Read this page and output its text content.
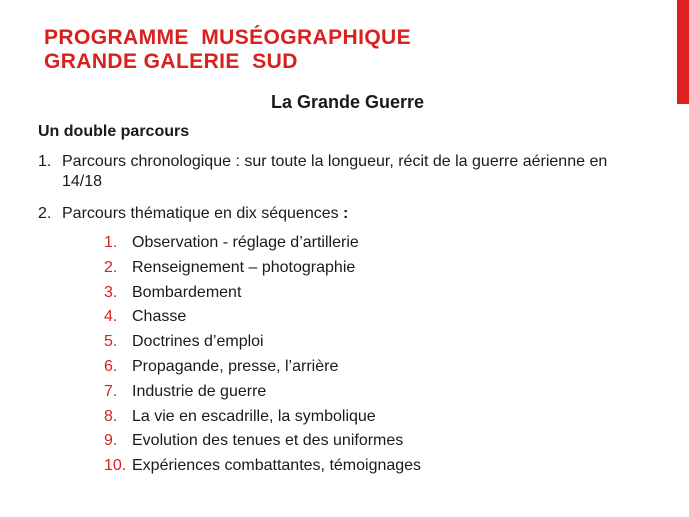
PROGRAMME  MUSÉOGRAPHIQUE
GRANDE GALERIE  SUD
La Grande Guerre
Un double parcours
1. Parcours chronologique : sur toute la longueur, récit de la guerre aérienne en 14/18
2. Parcours thématique en dix séquences :
1. Observation - réglage d’artillerie
2. Renseignement – photographie
3. Bombardement
4. Chasse
5. Doctrines d’emploi
6. Propagande, presse, l’arrière
7. Industrie de guerre
8. La vie en escadrille, la symbolique
9. Evolution des tenues et des uniformes
10. Expériences combattantes, témoignages
